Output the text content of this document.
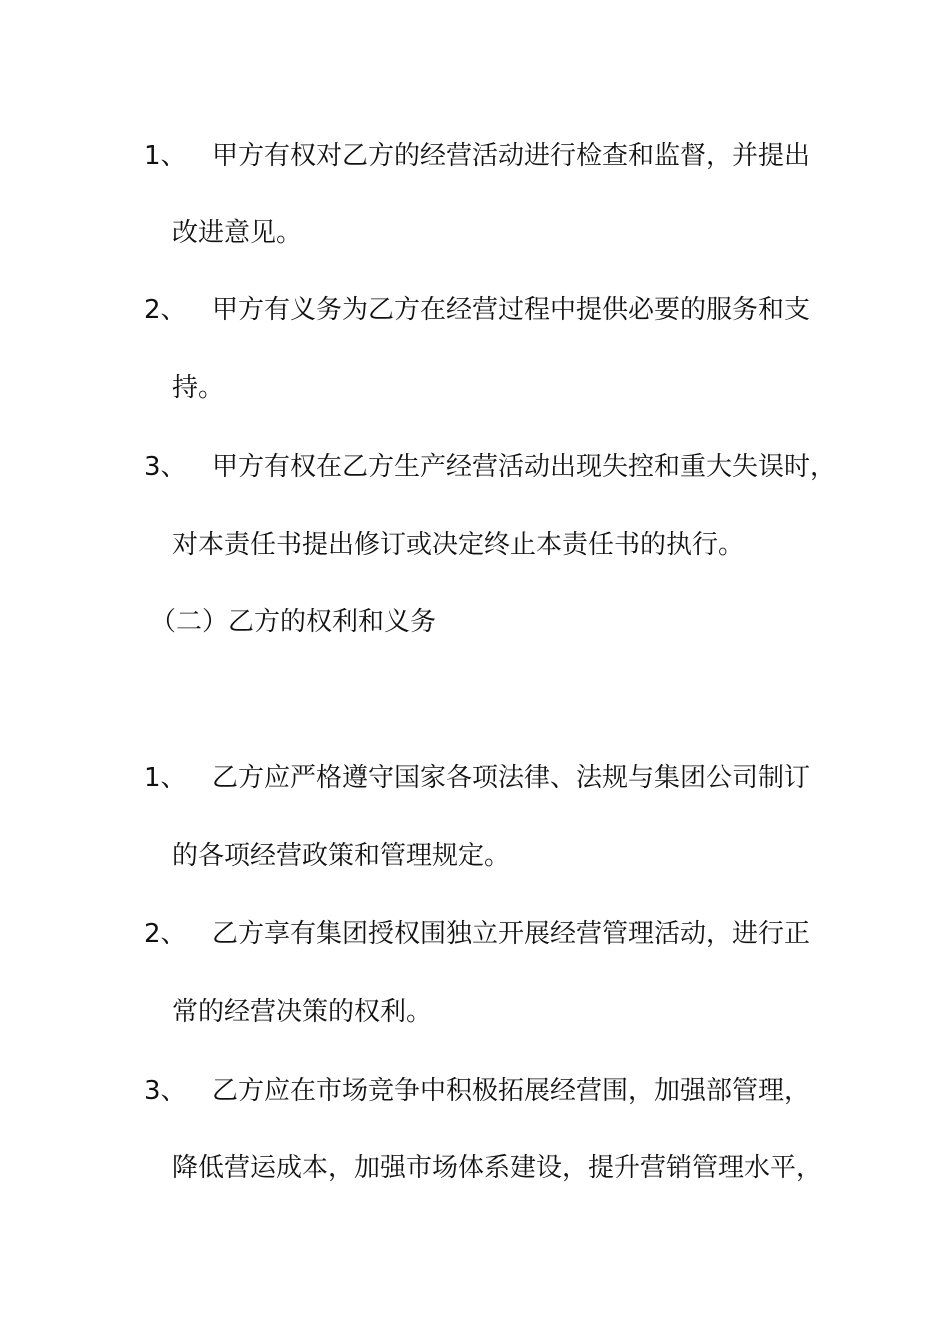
1、 甲方有权对乙方的经营活动进行检查和监督，并提出
改进意见。
2、 甲方有义务为乙方在经营过程中提供必要的服务和支
持。
3、 甲方有权在乙方生产经营活动出现失控和重大失误时，
对本责任书提出修订或决定终止本责任书的执行。
（二）乙方的权利和义务
1、 乙方应严格遵守国家各项法律、法规与集团公司制订
的各项经营政策和管理规定。
2、 乙方享有集团授权围独立开展经营管理活动，进行正
常的经营决策的权利。
3、 乙方应在市场竞争中积极拓展经营围，加强部管理，
降低营运成本，加强市场体系建设，提升营销管理水平，
